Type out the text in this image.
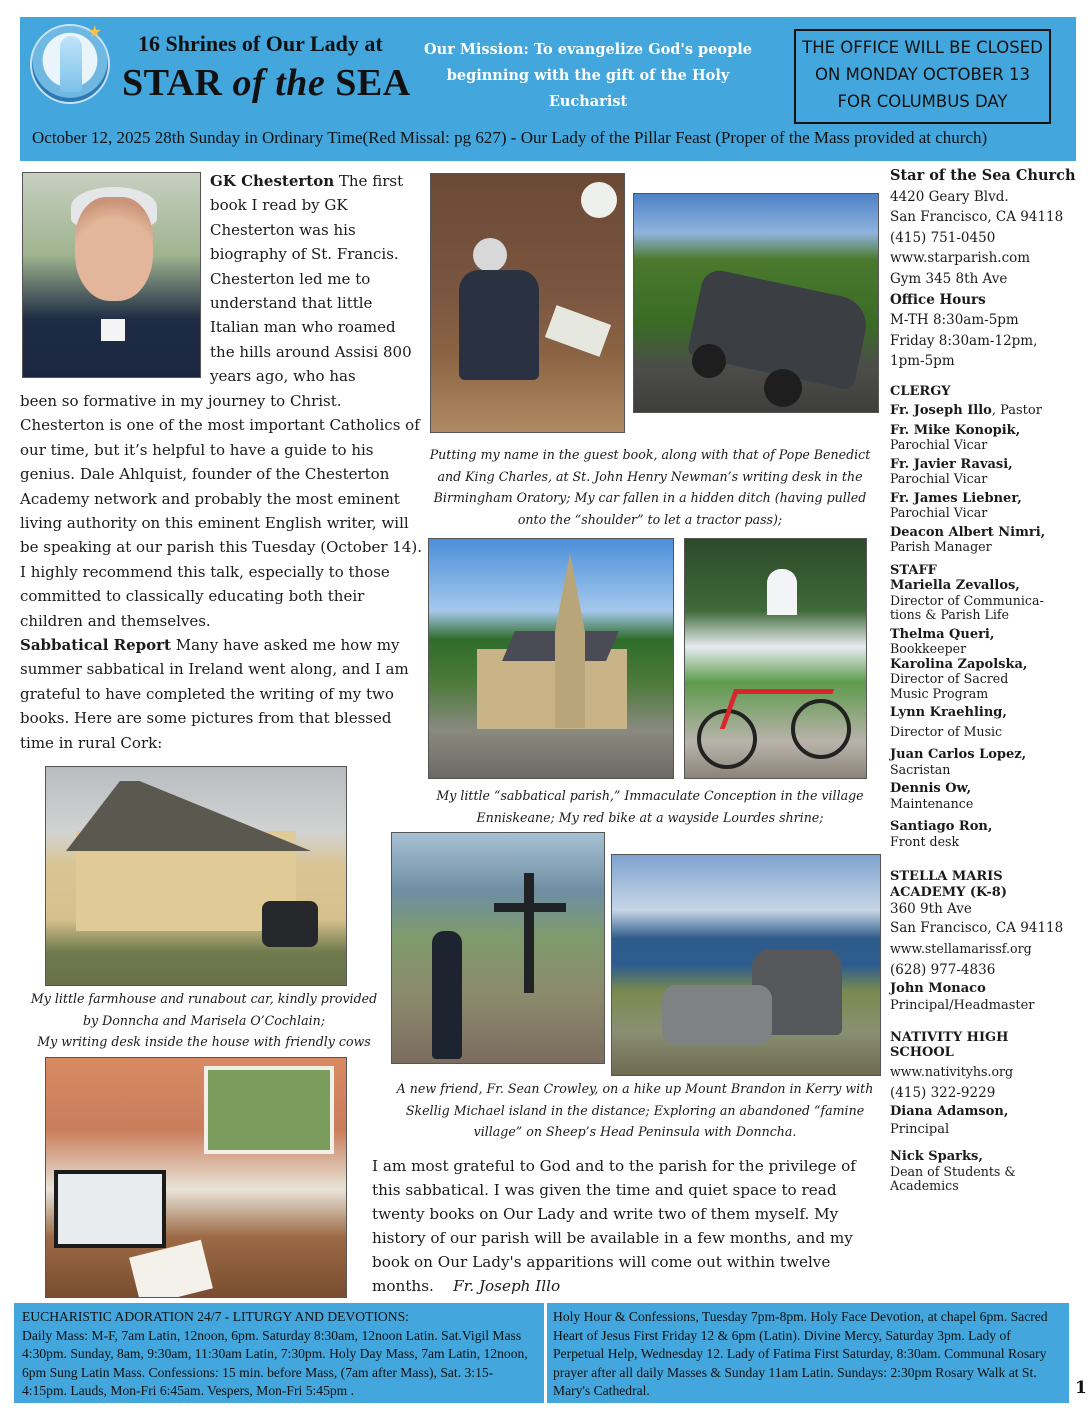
★ 16 Shrines of Our Lady at
STAR of the SEA
Our Mission: To evangelize God's people beginning with the gift of the Holy Eucharist
THE OFFICE WILL BE CLOSED
ON MONDAY OCTOBER 13
FOR COLUMBUS DAY
October 12, 2025 28th Sunday in Ordinary Time(Red Missal: pg 627) - Our Lady of the Pillar Feast (Proper of the Mass provided at church)
GK Chesterton The first book I read by GK Chesterton was his biography of St. Francis. Chesterton led me to understand that little Italian man who roamed the hills around Assisi 800 years ago, who has
been so formative in my journey to Christ. Chesterton is one of the most important Catholics of our time, but it’s helpful to have a guide to his genius. Dale Ahlquist, founder of the Chesterton Academy network and probably the most eminent living authority on this eminent English writer, will be speaking at our parish this Tuesday (October 14). I highly recommend this talk, especially to those committed to classically educating both their children and themselves.
Sabbatical Report Many have asked me how my summer sabbatical in Ireland went along, and I am grateful to have completed the writing of my two books. Here are some pictures from that blessed time in rural Cork:
Putting my name in the guest book, along with that of Pope Benedict and King Charles, at St. John Henry Newman’s writing desk in the Birmingham Oratory; My car fallen in a hidden ditch (having pulled onto the “shoulder” to let a tractor pass);
My little “sabbatical parish,” Immaculate Conception in the village Enniskeane; My red bike at a wayside Lourdes shrine;
My little farmhouse and runabout car, kindly provided
by Donncha and Marisela O’Cochlain;
My writing desk inside the house with friendly cows
A new friend, Fr. Sean Crowley, on a hike up Mount Brandon in Kerry with Skellig Michael island in the distance; Exploring an abandoned “famine village” on Sheep’s Head Peninsula with Donncha.
I am most grateful to God and to the parish for the privilege of this sabbatical. I was given the time and quiet space to read twenty books on Our Lady and write two of them myself. My history of our parish will be available in a few months, and my book on Our Lady's apparitions will come out within twelve months. Fr. Joseph Illo
Star of the Sea Church
4420 Geary Blvd.
San Francisco, CA 94118
(415) 751-0450
www.starparish.com
Gym 345 8th Ave
Office Hours
M-TH 8:30am-5pm
Friday 8:30am-12pm,
1pm-5pm
CLERGY
Fr. Joseph Illo, Pastor
Fr. Mike Konopik,
Parochial Vicar
Fr. Javier Ravasi,
Parochial Vicar
Fr. James Liebner,
Parochial Vicar
Deacon Albert Nimri,
Parish Manager
STAFF
Mariella Zevallos,
Director of Communica-
tions & Parish Life
Thelma Queri,
Bookkeeper
Karolina Zapolska,
Director of Sacred
Music Program
Lynn Kraehling,
Director of Music
Juan Carlos Lopez,
Sacristan
Dennis Ow,
Maintenance
Santiago Ron,
Front desk
STELLA MARIS
ACADEMY (K-8)
360 9th Ave
San Francisco, CA 94118
www.stellamarissf.org
(628) 977-4836
John Monaco
Principal/Headmaster
NATIVITY HIGH
SCHOOL
www.nativityhs.org
(415) 322-9229
Diana Adamson,
Principal
Nick Sparks,
Dean of Students &
Academics
EUCHARISTIC ADORATION 24/7 - LITURGY AND DEVOTIONS:
Daily Mass: M-F, 7am Latin, 12noon, 6pm. Saturday 8:30am, 12noon Latin. Sat.Vigil Mass 4:30pm. Sunday, 8am, 9:30am, 11:30am Latin, 7:30pm. Holy Day Mass, 7am Latin, 12noon, 6pm Sung Latin Mass. Confessions: 15 min. before Mass, (7am after Mass), Sat. 3:15-4:15pm. Lauds, Mon-Fri 6:45am. Vespers, Mon-Fri 5:45pm .
Holy Hour & Confessions, Tuesday 7pm-8pm. Holy Face Devotion, at chapel 6pm. Sacred Heart of Jesus First Friday 12 & 6pm (Latin). Divine Mercy, Saturday 3pm. Lady of Perpetual Help, Wednesday 12. Lady of Fatima First Saturday, 8:30am. Communal Rosary prayer after all daily Masses & Sunday 11am Latin. Sundays: 2:30pm Rosary Walk at St. Mary's Cathedral.	1
